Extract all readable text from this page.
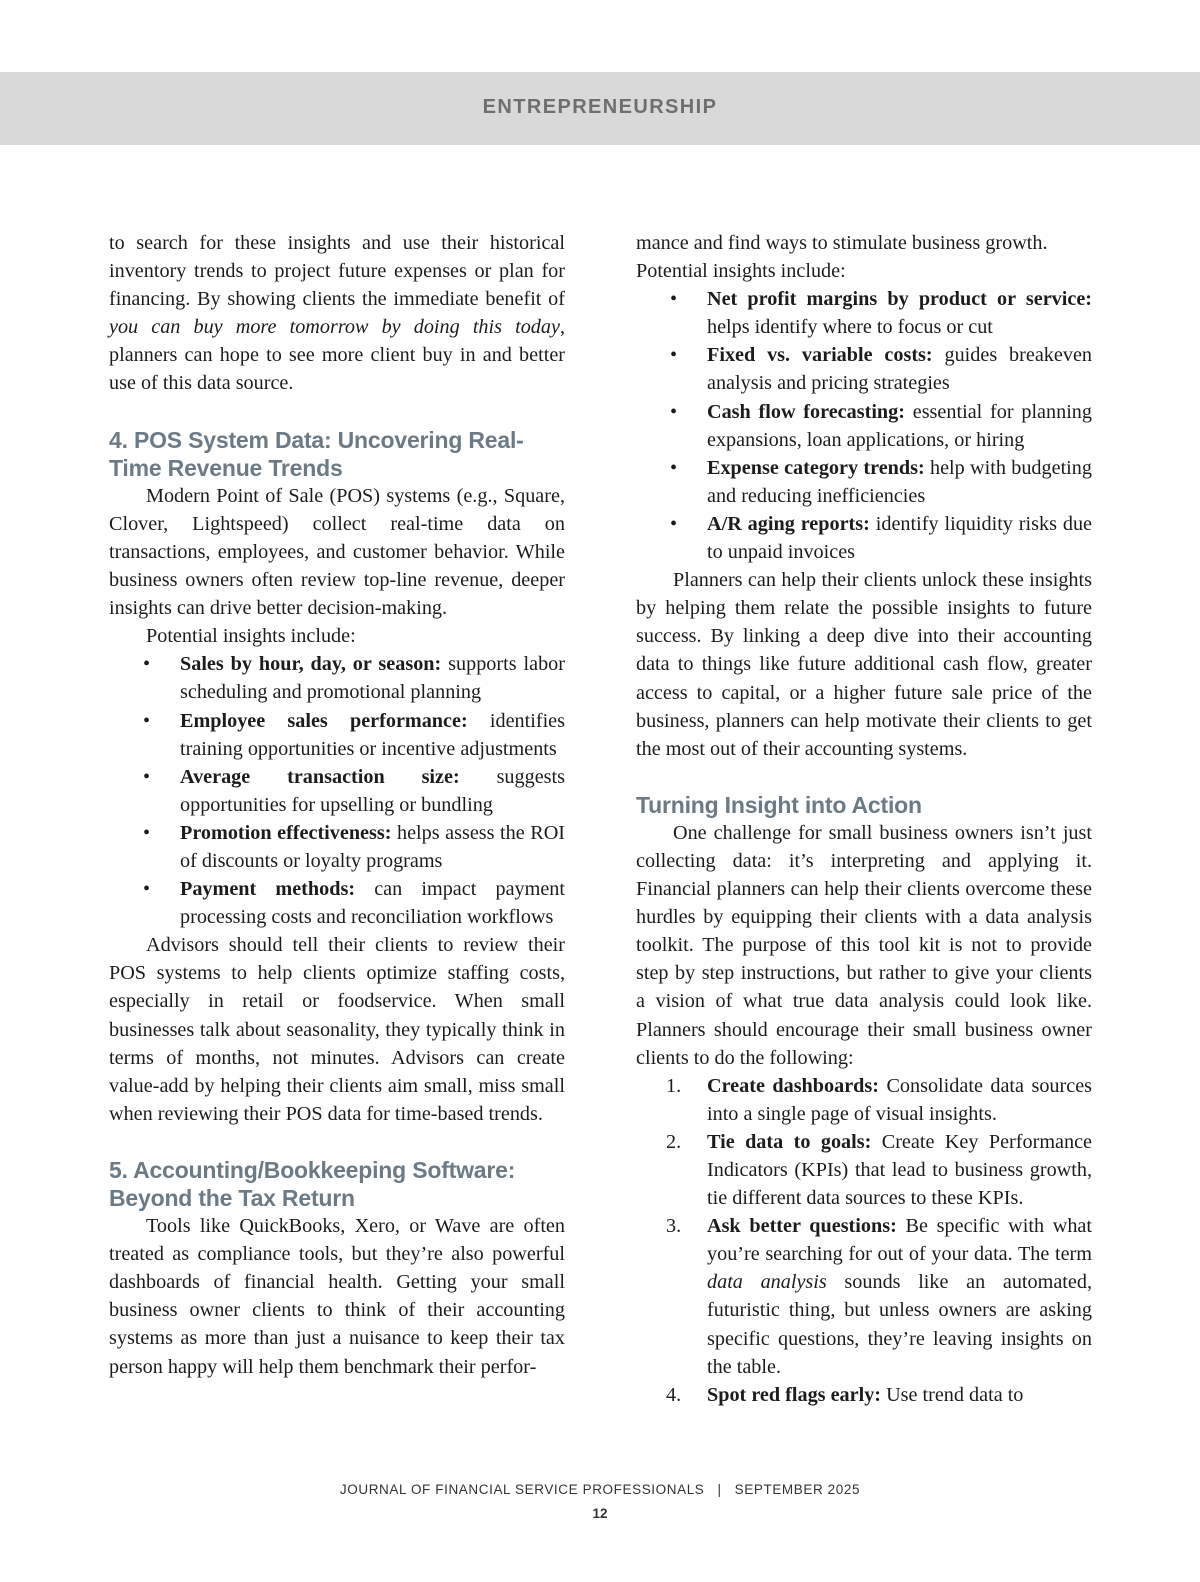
ENTREPRENEURSHIP

to search for these insights and use their historical inventory trends to project future expenses or plan for financing. By showing clients the immediate benefit of you can buy more tomorrow by doing this today, planners can hope to see more client buy in and better use of this data source.

4. POS System Data: Uncovering Real-Time Revenue Trends

Modern Point of Sale (POS) systems (e.g., Square, Clover, Lightspeed) collect real-time data on transactions, employees, and customer behavior. While business owners often review top-line revenue, deeper insights can drive better decision-making.

Potential insights include:

•	Sales by hour, day, or season: supports labor scheduling and promotional planning
•	Employee sales performance: identifies training opportunities or incentive adjustments
•	Average transaction size: suggests opportunities for upselling or bundling
•	Promotion effectiveness: helps assess the ROI of discounts or loyalty programs
•	Payment methods: can impact payment processing costs and reconciliation workflows

Advisors should tell their clients to review their POS systems to help clients optimize staffing costs, especially in retail or foodservice. When small businesses talk about seasonality, they typically think in terms of months, not minutes. Advisors can create value-add by helping their clients aim small, miss small when reviewing their POS data for time-based trends.

5. Accounting/Bookkeeping Software: Beyond the Tax Return

Tools like QuickBooks, Xero, or Wave are often treated as compliance tools, but they’re also powerful dashboards of financial health. Getting your small business owner clients to think of their accounting systems as more than just a nuisance to keep their tax person happy will help them benchmark their perfor-

mance and find ways to stimulate business growth.

Potential insights include:

•	Net profit margins by product or service: helps identify where to focus or cut
•	Fixed vs. variable costs: guides breakeven analysis and pricing strategies
•	Cash flow forecasting: essential for planning expansions, loan applications, or hiring
•	Expense category trends: help with budgeting and reducing inefficiencies
•	A/R aging reports: identify liquidity risks due to unpaid invoices

Planners can help their clients unlock these insights by helping them relate the possible insights to future success. By linking a deep dive into their accounting data to things like future additional cash flow, greater access to capital, or a higher future sale price of the business, planners can help motivate their clients to get the most out of their accounting systems.

Turning Insight into Action

One challenge for small business owners isn’t just collecting data: it’s interpreting and applying it. Financial planners can help their clients overcome these hurdles by equipping their clients with a data analysis toolkit. The purpose of this tool kit is not to provide step by step instructions, but rather to give your clients a vision of what true data analysis could look like. Planners should encourage their small business owner clients to do the following:

1.	Create dashboards: Consolidate data sources into a single page of visual insights.
2.	Tie data to goals: Create Key Performance Indicators (KPIs) that lead to business growth, tie different data sources to these KPIs.
3.	Ask better questions: Be specific with what you’re searching for out of your data. The term data analysis sounds like an automated, futuristic thing, but unless owners are asking specific questions, they’re leaving insights on the table.
4.	Spot red flags early: Use trend data to
JOURNAL OF FINANCIAL SERVICE PROFESSIONALS | SEPTEMBER 2025
12
